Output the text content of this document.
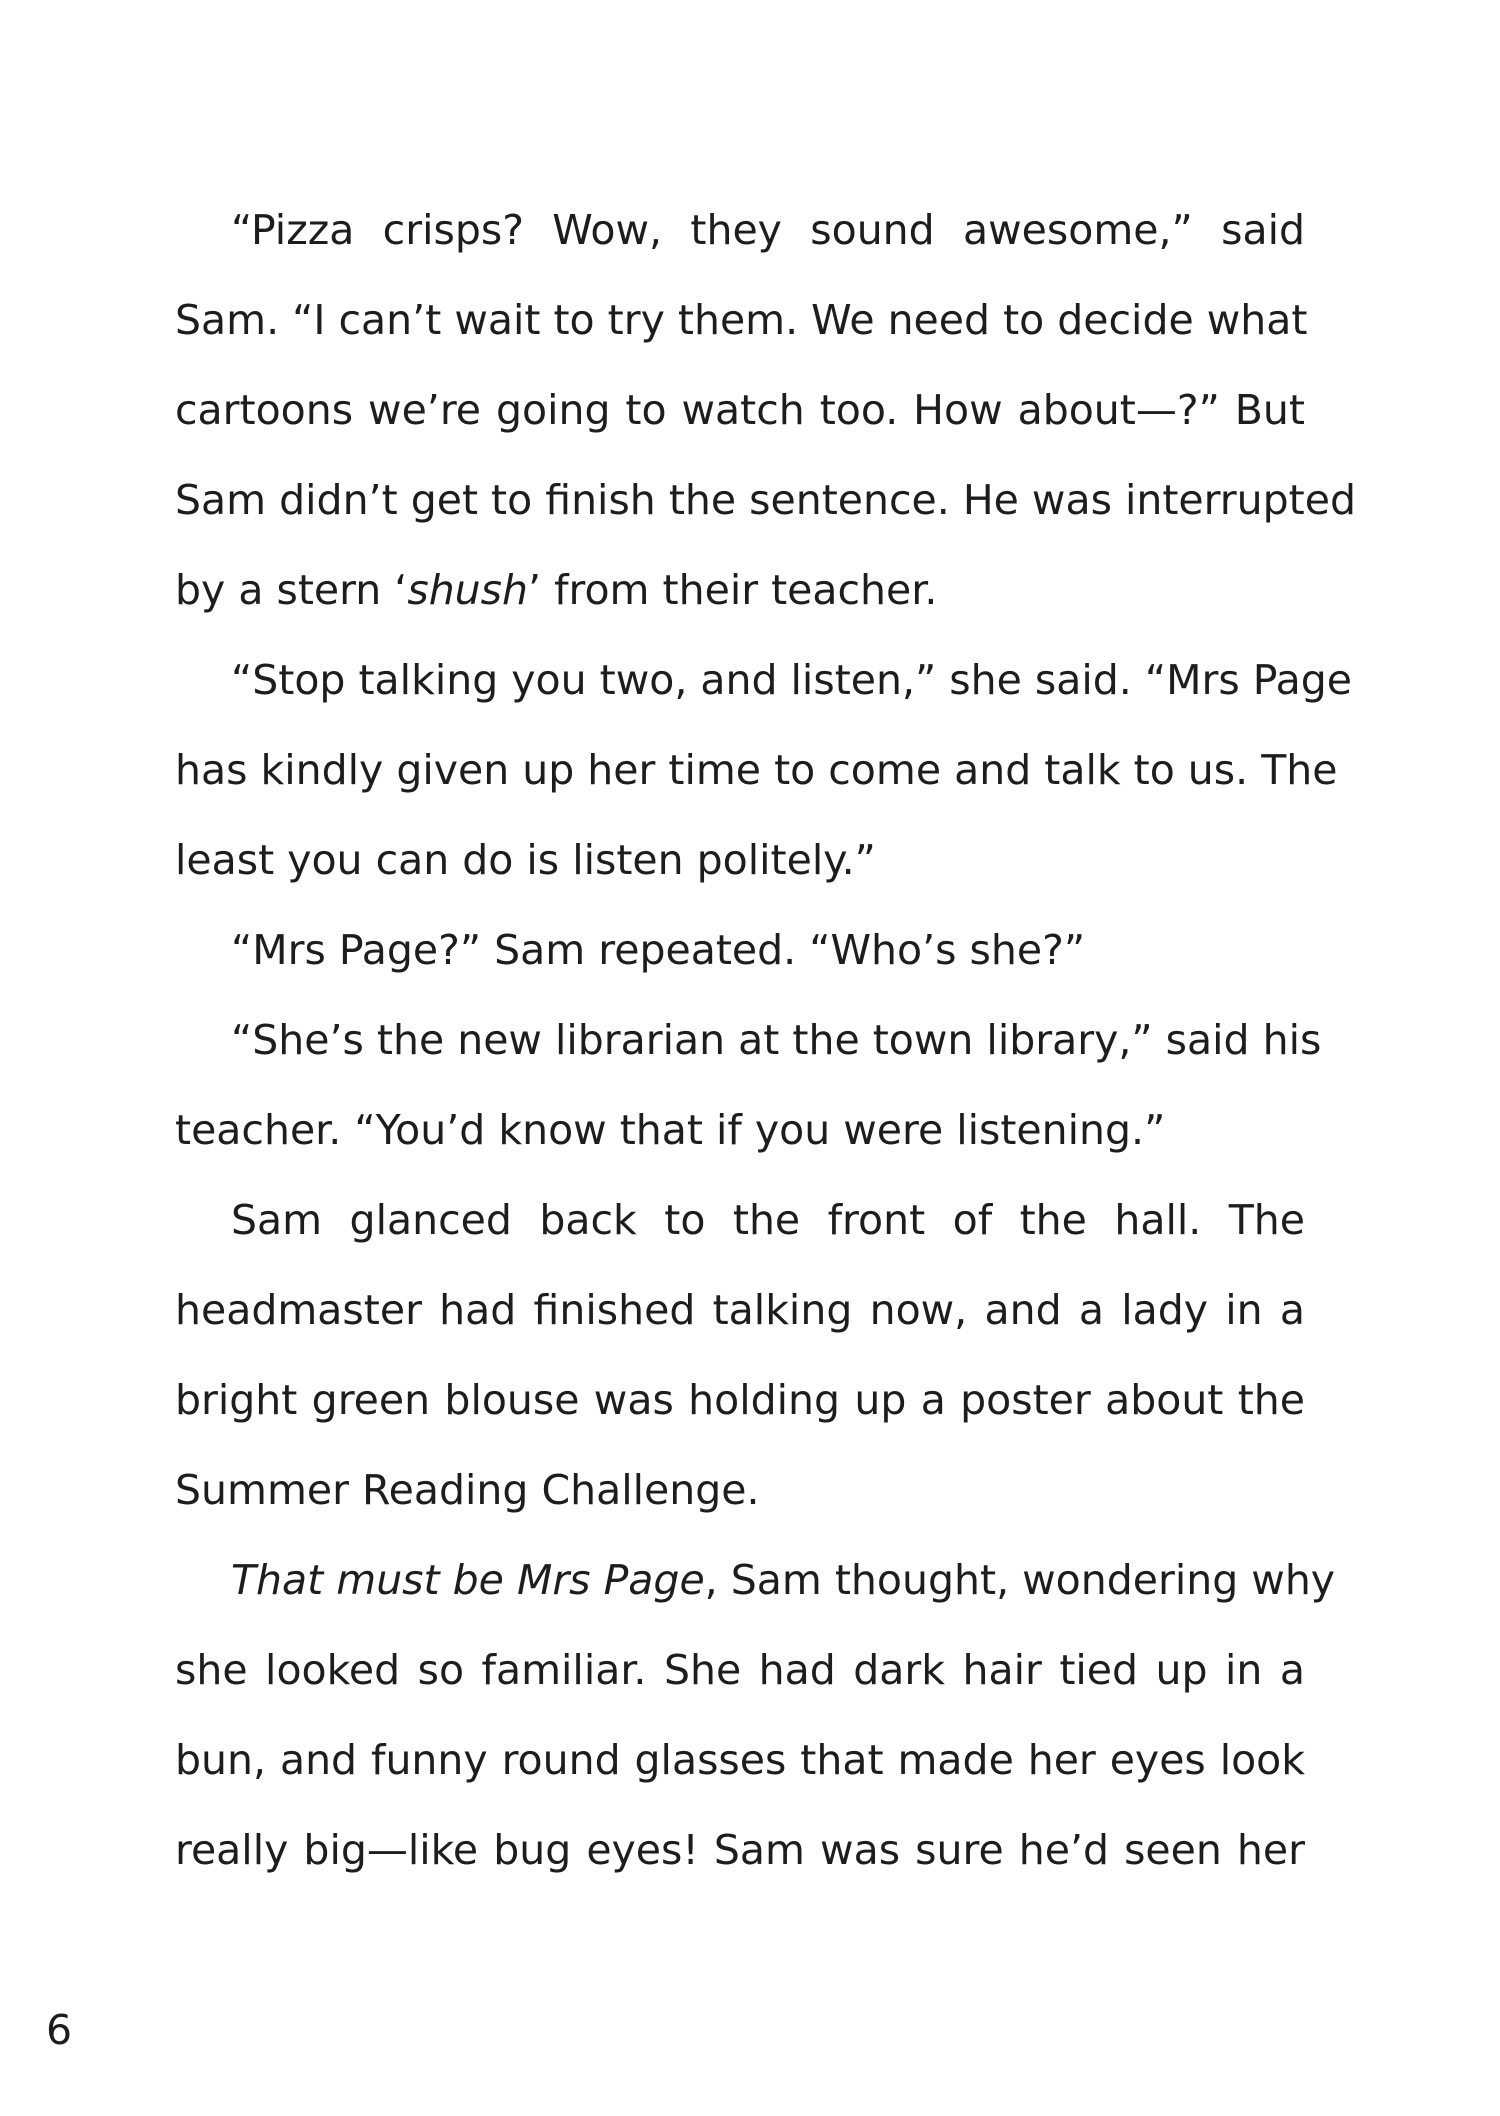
“Pizza crisps? Wow, they sound awesome,” said
Sam. “I can’t wait to try them. We need to decide what
cartoons we’re going to watch too. How about—?” But
Sam didn’t get to finish the sentence. He was interrupted
by a stern ‘shush’ from their teacher.
“Stop talking you two, and listen,” she said. “Mrs Page
has kindly given up her time to come and talk to us. The
least you can do is listen politely.”
“Mrs Page?” Sam repeated. “Who’s she?”
“She’s the new librarian at the town library,” said his
teacher. “You’d know that if you were listening.”
Sam glanced back to the front of the hall. The
headmaster had finished talking now, and a lady in a
bright green blouse was holding up a poster about the
Summer Reading Challenge.
That must be Mrs Page, Sam thought, wondering why
she looked so familiar. She had dark hair tied up in a
bun, and funny round glasses that made her eyes look
really big—like bug eyes! Sam was sure he’d seen her
6
